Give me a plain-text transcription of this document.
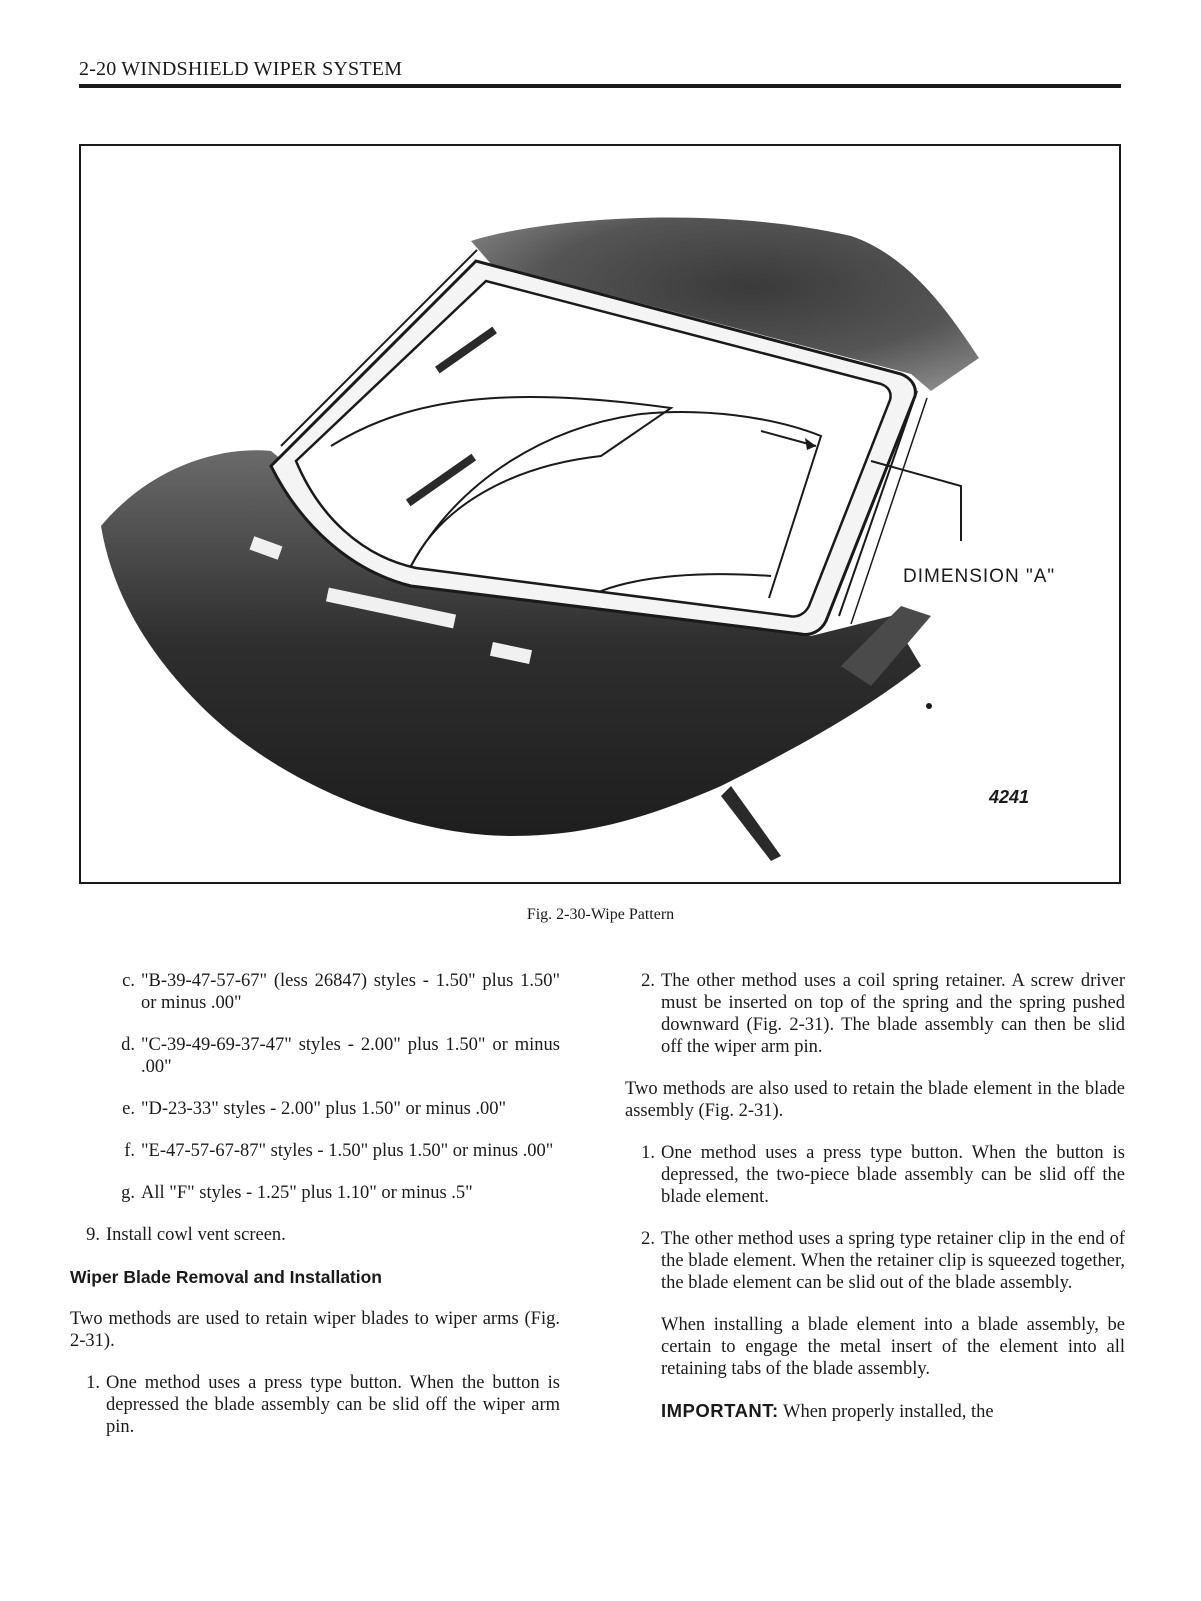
2-20 WINDSHIELD WIPER SYSTEM
DIMENSION "A"
4241
Fig. 2-30-Wipe Pattern
c. "B-39-47-57-67" (less 26847) styles - 1.50" plus 1.50" or minus .00"
d. "C-39-49-69-37-47" styles - 2.00" plus 1.50" or minus .00"
e. "D-23-33" styles - 2.00" plus 1.50" or minus .00"
f. "E-47-57-67-87" styles - 1.50" plus 1.50" or minus .00"
g. All "F" styles - 1.25" plus 1.10" or minus .5"
9. Install cowl vent screen.
Wiper Blade Removal and Installation
Two methods are used to retain wiper blades to wiper arms (Fig. 2-31).
1. One method uses a press type button. When the button is depressed the blade assembly can be slid off the wiper arm pin.
2. The other method uses a coil spring retainer. A screw driver must be inserted on top of the spring and the spring pushed downward (Fig. 2-31). The blade assembly can then be slid off the wiper arm pin.
Two methods are also used to retain the blade element in the blade assembly (Fig. 2-31).
1. One method uses a press type button. When the button is depressed, the two-piece blade assembly can be slid off the blade element.
2. The other method uses a spring type retainer clip in the end of the blade element. When the retainer clip is squeezed together, the blade element can be slid out of the blade assembly.
When installing a blade element into a blade assembly, be certain to engage the metal insert of the element into all retaining tabs of the blade assembly.
IMPORTANT: When properly installed, the
